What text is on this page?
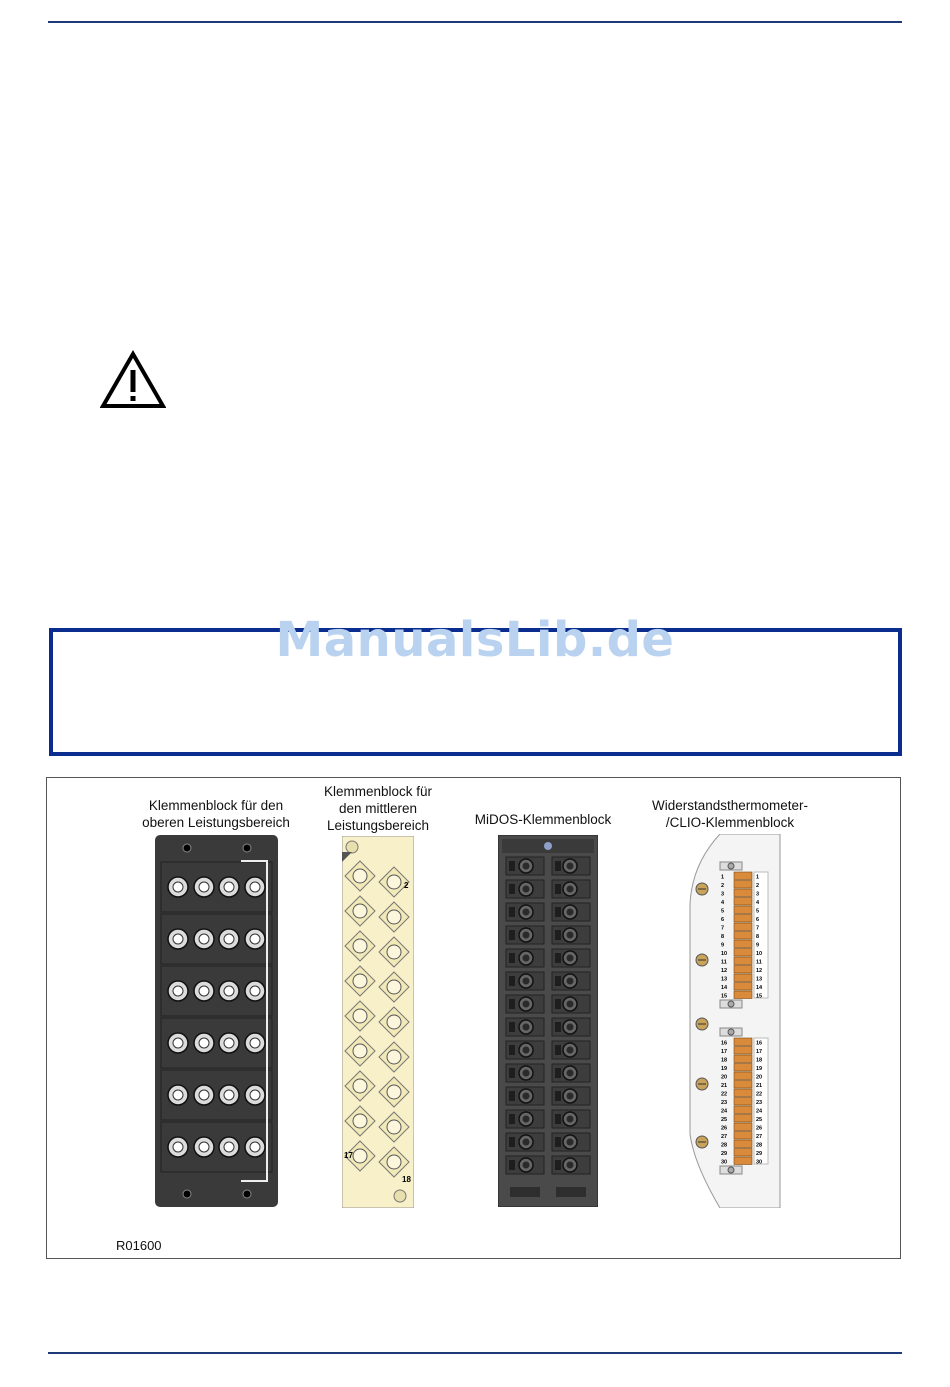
ManualsLib.de
Klemmenblock für den
oberen Leistungsbereich
Klemmenblock für
den mittleren
Leistungsbereich	MiDOS-Klemmenblock
Widerstandsthermometer-
/CLIO-Klemmenblock
2
17
18
1	1
2	2
3	3
4	4
5	5
6	6
7	7
8	8
9	9
10	10
11	11
12	12
13	13
14	14
15	15
16	16
17	17
18	18
19	19
20	20
21	21
22	22
23	23
24	24
25	25
26	26
27	27
28	28
29	29
30	30
R01600
